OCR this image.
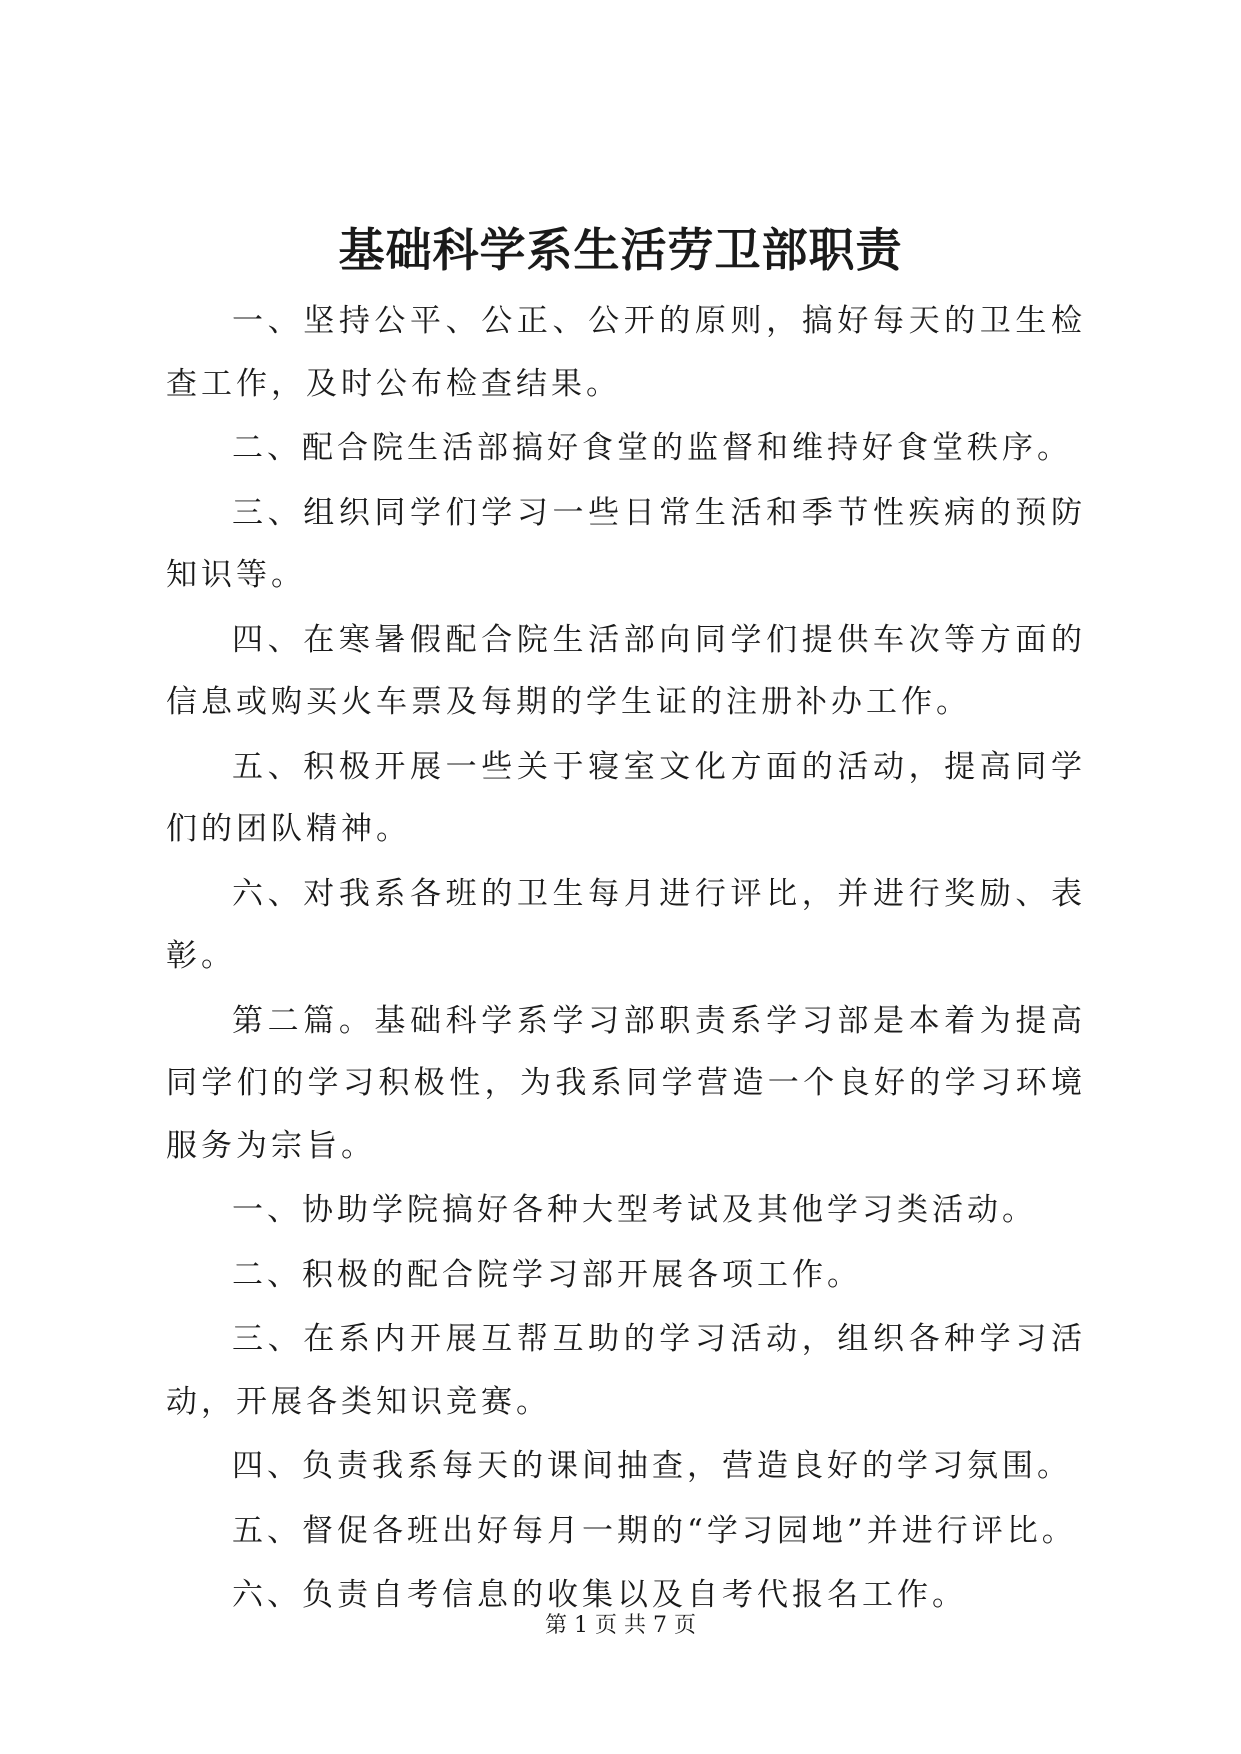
基础科学系生活劳卫部职责

一、坚持公平、公正、公开的原则，搞好每天的卫生检查工作，及时公布检查结果。

二、配合院生活部搞好食堂的监督和维持好食堂秩序。

三、组织同学们学习一些日常生活和季节性疾病的预防知识等。

四、在寒暑假配合院生活部向同学们提供车次等方面的信息或购买火车票及每期的学生证的注册补办工作。

五、积极开展一些关于寝室文化方面的活动，提高同学们的团队精神。

六、对我系各班的卫生每月进行评比，并进行奖励、表彰。

第二篇。基础科学系学习部职责系学习部是本着为提高同学们的学习积极性，为我系同学营造一个良好的学习环境服务为宗旨。

一、协助学院搞好各种大型考试及其他学习类活动。

二、积极的配合院学习部开展各项工作。

三、在系内开展互帮互助的学习活动，组织各种学习活动，开展各类知识竞赛。

四、负责我系每天的课间抽查，营造良好的学习氛围。

五、督促各班出好每月一期的“学习园地”并进行评比。

六、负责自考信息的收集以及自考代报名工作。

第 1 页 共 7 页
